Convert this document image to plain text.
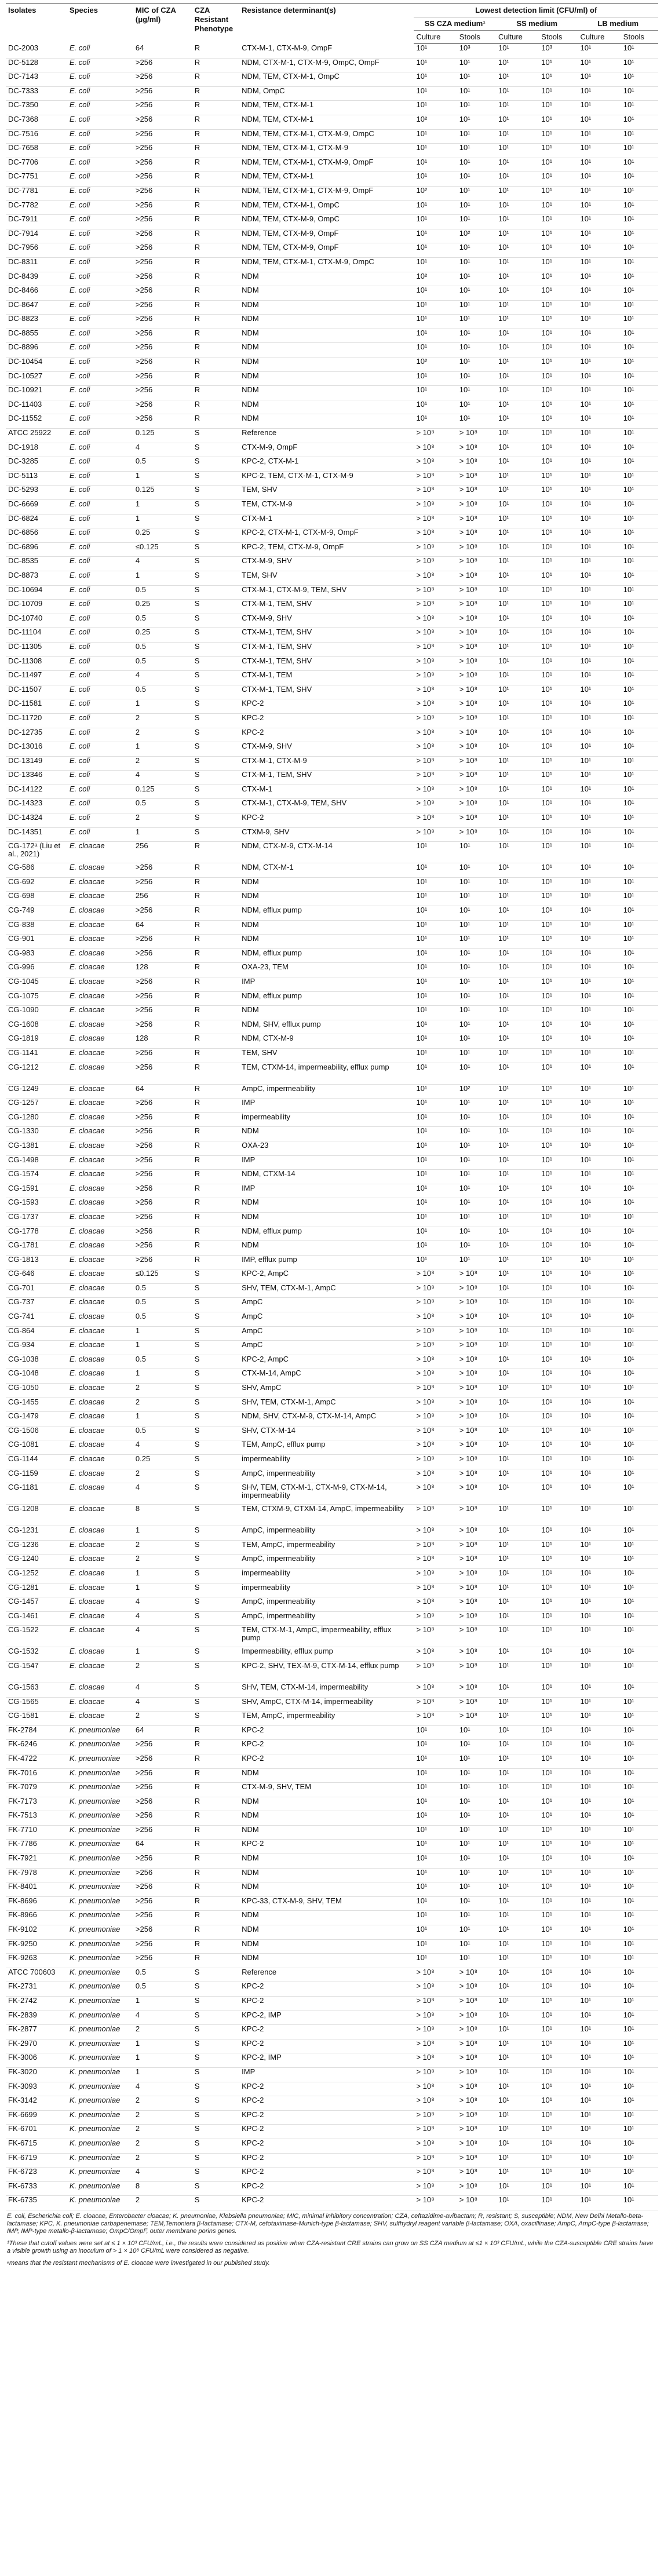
Isolates	Species	MIC of CZA (μg/ml)	CZA Resistant Phenotype	Resistance determinant(s)	Lowest detection limit (CFU/ml) of					
					SS CZA medium¹		SS medium		LB medium	
					Culture	Stools	Culture	Stools	Culture	Stools
DC-2003	E. coli	64	R	CTX-M-1, CTX-M-9, OmpF	10¹	10³	10¹	10³	10¹	10¹
DC-5128	E. coli	>256	R	NDM, CTX-M-1, CTX-M-9, OmpC, OmpF	10¹	10¹	10¹	10¹	10¹	10¹
DC-7143	E. coli	>256	R	NDM, TEM, CTX-M-1, OmpC	10¹	10¹	10¹	10¹	10¹	10¹
DC-7333	E. coli	>256	R	NDM, OmpC	10¹	10¹	10¹	10¹	10¹	10¹
DC-7350	E. coli	>256	R	NDM, TEM, CTX-M-1	10¹	10¹	10¹	10¹	10¹	10¹
DC-7368	E. coli	>256	R	NDM, TEM, CTX-M-1	10²	10¹	10¹	10¹	10¹	10¹
DC-7516	E. coli	>256	R	NDM, TEM, CTX-M-1, CTX-M-9, OmpC	10¹	10¹	10¹	10¹	10¹	10¹
DC-7658	E. coli	>256	R	NDM, TEM, CTX-M-1, CTX-M-9	10¹	10¹	10¹	10¹	10¹	10¹
DC-7706	E. coli	>256	R	NDM, TEM, CTX-M-1, CTX-M-9, OmpF	10¹	10¹	10¹	10¹	10¹	10¹
DC-7751	E. coli	>256	R	NDM, TEM, CTX-M-1	10¹	10¹	10¹	10¹	10¹	10¹
DC-7781	E. coli	>256	R	NDM, TEM, CTX-M-1, CTX-M-9, OmpF	10²	10¹	10¹	10¹	10¹	10¹
DC-7782	E. coli	>256	R	NDM, TEM, CTX-M-1, OmpC	10¹	10¹	10¹	10¹	10¹	10¹
DC-7911	E. coli	>256	R	NDM, TEM, CTX-M-9, OmpC	10¹	10¹	10¹	10¹	10¹	10¹
DC-7914	E. coli	>256	R	NDM, TEM, CTX-M-9, OmpF	10¹	10²	10¹	10¹	10¹	10¹
DC-7956	E. coli	>256	R	NDM, TEM, CTX-M-9, OmpF	10¹	10¹	10¹	10¹	10¹	10¹
DC-8311	E. coli	>256	R	NDM, TEM, CTX-M-1, CTX-M-9, OmpC	10¹	10¹	10¹	10¹	10¹	10¹
DC-8439	E. coli	>256	R	NDM	10²	10¹	10¹	10¹	10¹	10¹
DC-8466	E. coli	>256	R	NDM	10¹	10¹	10¹	10¹	10¹	10¹
DC-8647	E. coli	>256	R	NDM	10¹	10¹	10¹	10¹	10¹	10¹
DC-8823	E. coli	>256	R	NDM	10¹	10¹	10¹	10¹	10¹	10¹
DC-8855	E. coli	>256	R	NDM	10¹	10¹	10¹	10¹	10¹	10¹
DC-8896	E. coli	>256	R	NDM	10¹	10¹	10¹	10¹	10¹	10¹
DC-10454	E. coli	>256	R	NDM	10²	10¹	10¹	10¹	10¹	10¹
DC-10527	E. coli	>256	R	NDM	10¹	10¹	10¹	10¹	10¹	10¹
DC-10921	E. coli	>256	R	NDM	10¹	10¹	10¹	10¹	10¹	10¹
DC-11403	E. coli	>256	R	NDM	10¹	10¹	10¹	10¹	10¹	10¹
DC-11552	E. coli	>256	R	NDM	10¹	10¹	10¹	10¹	10¹	10¹
ATCC 25922	E. coli	0.125	S	Reference	> 10⁸	> 10⁸	10¹	10¹	10¹	10¹
DC-1918	E. coli	4	S	CTX-M-9, OmpF	> 10⁸	> 10⁸	10¹	10¹	10¹	10¹
DC-3285	E. coli	0.5	S	KPC-2, CTX-M-1	> 10⁸	> 10⁸	10¹	10¹	10¹	10¹
DC-5113	E. coli	1	S	KPC-2, TEM, CTX-M-1, CTX-M-9	> 10⁸	> 10⁸	10¹	10¹	10¹	10¹
DC-5293	E. coli	0.125	S	TEM, SHV	> 10⁸	> 10⁸	10¹	10¹	10¹	10¹
DC-6669	E. coli	1	S	TEM, CTX-M-9	> 10⁸	> 10⁸	10¹	10¹	10¹	10¹
DC-6824	E. coli	1	S	CTX-M-1	> 10⁸	> 10⁸	10¹	10¹	10¹	10¹
DC-6856	E. coli	0.25	S	KPC-2, CTX-M-1, CTX-M-9, OmpF	> 10⁸	> 10⁸	10¹	10¹	10¹	10¹
DC-6896	E. coli	≤0.125	S	KPC-2, TEM, CTX-M-9, OmpF	> 10⁸	> 10⁸	10¹	10¹	10¹	10¹
DC-8535	E. coli	4	S	CTX-M-9, SHV	> 10⁸	> 10⁸	10¹	10¹	10¹	10¹
DC-8873	E. coli	1	S	TEM, SHV	> 10⁸	> 10⁸	10¹	10¹	10¹	10¹
DC-10694	E. coli	0.5	S	CTX-M-1, CTX-M-9, TEM, SHV	> 10⁸	> 10⁸	10¹	10¹	10¹	10¹
DC-10709	E. coli	0.25	S	CTX-M-1, TEM, SHV	> 10⁸	> 10⁸	10¹	10¹	10¹	10¹
DC-10740	E. coli	0.5	S	CTX-M-9, SHV	> 10⁸	> 10⁸	10¹	10¹	10¹	10¹
DC-11104	E. coli	0.25	S	CTX-M-1, TEM, SHV	> 10⁸	> 10⁸	10¹	10¹	10¹	10¹
DC-11305	E. coli	0.5	S	CTX-M-1, TEM, SHV	> 10⁸	> 10⁸	10¹	10¹	10¹	10¹
DC-11308	E. coli	0.5	S	CTX-M-1, TEM, SHV	> 10⁸	> 10⁸	10¹	10¹	10¹	10¹
DC-11497	E. coli	4	S	CTX-M-1, TEM	> 10⁸	> 10⁸	10¹	10¹	10¹	10¹
DC-11507	E. coli	0.5	S	CTX-M-1, TEM, SHV	> 10⁸	> 10⁸	10¹	10¹	10¹	10¹
DC-11581	E. coli	1	S	KPC-2	> 10⁸	> 10⁸	10¹	10¹	10¹	10¹
DC-11720	E. coli	2	S	KPC-2	> 10⁸	> 10⁸	10¹	10¹	10¹	10¹
DC-12735	E. coli	2	S	KPC-2	> 10⁸	> 10⁸	10¹	10¹	10¹	10¹
DC-13016	E. coli	1	S	CTX-M-9, SHV	> 10⁸	> 10⁸	10¹	10¹	10¹	10¹
DC-13149	E. coli	2	S	CTX-M-1, CTX-M-9	> 10⁸	> 10⁸	10¹	10¹	10¹	10¹
DC-13346	E. coli	4	S	CTX-M-1, TEM, SHV	> 10⁸	> 10⁸	10¹	10¹	10¹	10¹
DC-14122	E. coli	0.125	S	CTX-M-1	> 10⁸	> 10⁸	10¹	10¹	10¹	10¹
DC-14323	E. coli	0.5	S	CTX-M-1, CTX-M-9, TEM, SHV	> 10⁸	> 10⁸	10¹	10¹	10¹	10¹
DC-14324	E. coli	2	S	KPC-2	> 10⁸	> 10⁸	10¹	10¹	10¹	10¹
DC-14351	E. coli	1	S	CTXM-9, SHV	> 10⁸	> 10⁸	10¹	10¹	10¹	10¹
CG-172ᵃ (Liu et al., 2021)	E. cloacae	256	R	NDM, CTX-M-9, CTX-M-14	10¹	10¹	10¹	10¹	10¹	10¹
CG-586	E. cloacae	>256	R	NDM, CTX-M-1	10¹	10¹	10¹	10¹	10¹	10¹
CG-692	E. cloacae	>256	R	NDM	10¹	10¹	10¹	10¹	10¹	10¹
CG-698	E. cloacae	256	R	NDM	10¹	10¹	10¹	10¹	10¹	10¹
CG-749	E. cloacae	>256	R	NDM, efflux pump	10¹	10¹	10¹	10¹	10¹	10¹
CG-838	E. cloacae	64	R	NDM	10¹	10¹	10¹	10¹	10¹	10¹
CG-901	E. cloacae	>256	R	NDM	10¹	10¹	10¹	10¹	10¹	10¹
CG-983	E. cloacae	>256	R	NDM, efflux pump	10¹	10¹	10¹	10¹	10¹	10¹
CG-996	E. cloacae	128	R	OXA-23, TEM	10¹	10¹	10¹	10¹	10¹	10¹
CG-1045	E. cloacae	>256	R	IMP	10¹	10¹	10¹	10¹	10¹	10¹
CG-1075	E. cloacae	>256	R	NDM, efflux pump	10¹	10¹	10¹	10¹	10¹	10¹
CG-1090	E. cloacae	>256	R	NDM	10¹	10¹	10¹	10¹	10¹	10¹
CG-1608	E. cloacae	>256	R	NDM, SHV, efflux pump	10¹	10¹	10¹	10¹	10¹	10¹
CG-1819	E. cloacae	128	R	NDM, CTX-M-9	10¹	10¹	10¹	10¹	10¹	10¹
CG-1141	E. cloacae	>256	R	TEM, SHV	10¹	10¹	10¹	10¹	10¹	10¹
CG-1212	E. cloacae	>256	R	TEM, CTXM-14, impermeability, efflux pump	10¹	10¹	10¹	10¹	10¹	10¹
CG-1249	E. cloacae	64	R	AmpC, impermeability	10¹	10²	10¹	10¹	10¹	10¹
CG-1257	E. cloacae	>256	R	IMP	10¹	10¹	10¹	10¹	10¹	10¹
CG-1280	E. cloacae	>256	R	impermeability	10¹	10¹	10¹	10¹	10¹	10¹
CG-1330	E. cloacae	>256	R	NDM	10¹	10¹	10¹	10¹	10¹	10¹
CG-1381	E. cloacae	>256	R	OXA-23	10¹	10¹	10¹	10¹	10¹	10¹
CG-1498	E. cloacae	>256	R	IMP	10¹	10¹	10¹	10¹	10¹	10¹
CG-1574	E. cloacae	>256	R	NDM, CTXM-14	10¹	10¹	10¹	10¹	10¹	10¹
CG-1591	E. cloacae	>256	R	IMP	10¹	10¹	10¹	10¹	10¹	10¹
CG-1593	E. cloacae	>256	R	NDM	10¹	10¹	10¹	10¹	10¹	10¹
CG-1737	E. cloacae	>256	R	NDM	10¹	10¹	10¹	10¹	10¹	10¹
CG-1778	E. cloacae	>256	R	NDM, efflux pump	10¹	10¹	10¹	10¹	10¹	10¹
CG-1781	E. cloacae	>256	R	NDM	10¹	10¹	10¹	10¹	10¹	10¹
CG-1813	E. cloacae	>256	R	IMP, efflux pump	10¹	10¹	10¹	10¹	10¹	10¹
CG-646	E. cloacae	≤0.125	S	KPC-2, AmpC	> 10⁸	> 10⁸	10¹	10¹	10¹	10¹
CG-701	E. cloacae	0.5	S	SHV, TEM, CTX-M-1, AmpC	> 10⁸	> 10⁸	10¹	10¹	10¹	10¹
CG-737	E. cloacae	0.5	S	AmpC	> 10⁸	> 10⁸	10¹	10¹	10¹	10¹
CG-741	E. cloacae	0.5	S	AmpC	> 10⁸	> 10⁸	10¹	10¹	10¹	10¹
CG-864	E. cloacae	1	S	AmpC	> 10⁸	> 10⁸	10¹	10¹	10¹	10¹
CG-934	E. cloacae	1	S	AmpC	> 10⁸	> 10⁸	10¹	10¹	10¹	10¹
CG-1038	E. cloacae	0.5	S	KPC-2, AmpC	> 10⁸	> 10⁸	10¹	10¹	10¹	10¹
CG-1048	E. cloacae	1	S	CTX-M-14, AmpC	> 10⁸	> 10⁸	10¹	10¹	10¹	10¹
CG-1050	E. cloacae	2	S	SHV, AmpC	> 10⁸	> 10⁸	10¹	10¹	10¹	10¹
CG-1455	E. cloacae	2	S	SHV, TEM, CTX-M-1, AmpC	> 10⁸	> 10⁸	10¹	10¹	10¹	10¹
CG-1479	E. cloacae	1	S	NDM, SHV, CTX-M-9, CTX-M-14, AmpC	> 10⁸	> 10⁸	10¹	10¹	10¹	10¹
CG-1506	E. cloacae	0.5	S	SHV, CTX-M-14	> 10⁸	> 10⁸	10¹	10¹	10¹	10¹
CG-1081	E. cloacae	4	S	TEM, AmpC, efflux pump	> 10⁸	> 10⁸	10¹	10¹	10¹	10¹
CG-1144	E. cloacae	0.25	S	impermeability	> 10⁸	> 10⁸	10¹	10¹	10¹	10¹
CG-1159	E. cloacae	2	S	AmpC, impermeability	> 10⁸	> 10⁸	10¹	10¹	10¹	10¹
CG-1181	E. cloacae	4	S	SHV, TEM, CTX-M-1, CTX-M-9, CTX-M-14, impermeability	> 10⁸	> 10⁸	10¹	10¹	10¹	10¹
CG-1208	E. cloacae	8	S	TEM, CTXM-9, CTXM-14, AmpC, impermeability	> 10⁸	> 10⁸	10¹	10¹	10¹	10¹
CG-1231	E. cloacae	1	S	AmpC, impermeability	> 10⁸	> 10⁸	10¹	10¹	10¹	10¹
CG-1236	E. cloacae	2	S	TEM, AmpC, impermeability	> 10⁸	> 10⁸	10¹	10¹	10¹	10¹
CG-1240	E. cloacae	2	S	AmpC, impermeability	> 10⁸	> 10⁸	10¹	10¹	10¹	10¹
CG-1252	E. cloacae	1	S	impermeability	> 10⁸	> 10⁸	10¹	10¹	10¹	10¹
CG-1281	E. cloacae	1	S	impermeability	> 10⁸	> 10⁸	10¹	10¹	10¹	10¹
CG-1457	E. cloacae	4	S	AmpC, impermeability	> 10⁸	> 10⁸	10¹	10¹	10¹	10¹
CG-1461	E. cloacae	4	S	AmpC, impermeability	> 10⁸	> 10⁸	10¹	10¹	10¹	10¹
CG-1522	E. cloacae	4	S	TEM, CTX-M-1, AmpC, impermeability, efflux pump	> 10⁸	> 10⁸	10¹	10¹	10¹	10¹
CG-1532	E. cloacae	1	S	Impermeability, efflux pump	> 10⁸	> 10⁸	10¹	10¹	10¹	10¹
CG-1547	E. cloacae	2	S	KPC-2, SHV, TEX-M-9, CTX-M-14, efflux pump	> 10⁸	> 10⁸	10¹	10¹	10¹	10¹
CG-1563	E. cloacae	4	S	SHV, TEM, CTX-M-14, impermeability	> 10⁸	> 10⁸	10¹	10¹	10¹	10¹
CG-1565	E. cloacae	4	S	SHV, AmpC, CTX-M-14, impermeability	> 10⁸	> 10⁸	10¹	10¹	10¹	10¹
CG-1581	E. cloacae	2	S	TEM, AmpC, impermeability	> 10⁸	> 10⁸	10¹	10¹	10¹	10¹
FK-2784	K. pneumoniae	64	R	KPC-2	10¹	10¹	10¹	10¹	10¹	10¹
FK-6246	K. pneumoniae	>256	R	KPC-2	10¹	10¹	10¹	10¹	10¹	10¹
FK-4722	K. pneumoniae	>256	R	KPC-2	10¹	10¹	10¹	10¹	10¹	10¹
FK-7016	K. pneumoniae	>256	R	NDM	10¹	10¹	10¹	10¹	10¹	10¹
FK-7079	K. pneumoniae	>256	R	CTX-M-9, SHV, TEM	10¹	10¹	10¹	10¹	10¹	10¹
FK-7173	K. pneumoniae	>256	R	NDM	10¹	10¹	10¹	10¹	10¹	10¹
FK-7513	K. pneumoniae	>256	R	NDM	10¹	10¹	10¹	10¹	10¹	10¹
FK-7710	K. pneumoniae	>256	R	NDM	10¹	10¹	10¹	10¹	10¹	10¹
FK-7786	K. pneumoniae	64	R	KPC-2	10¹	10¹	10¹	10¹	10¹	10¹
FK-7921	K. pneumoniae	>256	R	NDM	10¹	10¹	10¹	10¹	10¹	10¹
FK-7978	K. pneumoniae	>256	R	NDM	10¹	10¹	10¹	10¹	10¹	10¹
FK-8401	K. pneumoniae	>256	R	NDM	10¹	10¹	10¹	10¹	10¹	10¹
FK-8696	K. pneumoniae	>256	R	KPC-33, CTX-M-9, SHV, TEM	10¹	10¹	10¹	10¹	10¹	10¹
FK-8966	K. pneumoniae	>256	R	NDM	10¹	10¹	10¹	10¹	10¹	10¹
FK-9102	K. pneumoniae	>256	R	NDM	10¹	10¹	10¹	10¹	10¹	10¹
FK-9250	K. pneumoniae	>256	R	NDM	10¹	10¹	10¹	10¹	10¹	10¹
FK-9263	K. pneumoniae	>256	R	NDM	10¹	10¹	10¹	10¹	10¹	10¹
ATCC 700603	K. pneumoniae	0.5	S	Reference	> 10⁸	> 10⁸	10¹	10¹	10¹	10¹
FK-2731	K. pneumoniae	0.5	S	KPC-2	> 10⁸	> 10⁸	10¹	10¹	10¹	10¹
FK-2742	K. pneumoniae	1	S	KPC-2	> 10⁸	> 10⁸	10¹	10¹	10¹	10¹
FK-2839	K. pneumoniae	4	S	KPC-2, IMP	> 10⁸	> 10⁸	10¹	10¹	10¹	10¹
FK-2877	K. pneumoniae	2	S	KPC-2	> 10⁸	> 10⁸	10¹	10¹	10¹	10¹
FK-2970	K. pneumoniae	1	S	KPC-2	> 10⁸	> 10⁸	10¹	10¹	10¹	10¹
FK-3006	K. pneumoniae	1	S	KPC-2, IMP	> 10⁸	> 10⁸	10¹	10¹	10¹	10¹
FK-3020	K. pneumoniae	1	S	IMP	> 10⁸	> 10⁸	10¹	10¹	10¹	10¹
FK-3093	K. pneumoniae	4	S	KPC-2	> 10⁸	> 10⁸	10¹	10¹	10¹	10¹
FK-3142	K. pneumoniae	2	S	KPC-2	> 10⁸	> 10⁸	10¹	10¹	10¹	10¹
FK-6699	K. pneumoniae	2	S	KPC-2	> 10⁸	> 10⁸	10¹	10¹	10¹	10¹
FK-6701	K. pneumoniae	2	S	KPC-2	> 10⁸	> 10⁸	10¹	10¹	10¹	10¹
FK-6715	K. pneumoniae	2	S	KPC-2	> 10⁸	> 10⁸	10¹	10¹	10¹	10¹
FK-6719	K. pneumoniae	2	S	KPC-2	> 10⁸	> 10⁸	10¹	10¹	10¹	10¹
FK-6723	K. pneumoniae	4	S	KPC-2	> 10⁸	> 10⁸	10¹	10¹	10¹	10¹
FK-6733	K. pneumoniae	8	S	KPC-2	> 10⁸	> 10⁸	10¹	10¹	10¹	10¹
FK-6735	K. pneumoniae	2	S	KPC-2	> 10⁸	> 10⁸	10¹	10¹	10¹	10¹
E. coli, Escherichia coli; E. cloacae, Enterobacter cloacae; K. pneumoniae, Klebsiella pneumoniae; MIC, minimal inhibitory concentration; CZA, ceftazidime-avibactam; R, resistant; S, susceptible; NDM, New Delhi Metallo-beta-lactamase; KPC, K. pneumoniae carbapenemase; TEM,Temoniera β-lactamase; CTX-M, cefotaximase-Munich-type β-lactamase; SHV, sulfhydryl reagent variable β-lactamase; OXA, oxacillinase; AmpC, AmpC-type β-lactamase; IMP, IMP-type metallo-β-lactamase; OmpC/OmpF, outer membrane porins genes.
¹These that cutoff values were set at ≤ 1 × 10³ CFU/mL, i.e., the results were considered as positive when CZA-resistant CRE strains can grow on SS CZA medium at ≤1 × 10³ CFU/mL, while the CZA-susceptible CRE strains have a visible growth using an inoculum of > 1 × 10⁸ CFU/mL were considered as negative.
ᵃmeans that the resistant mechanisms of E. cloacae were investigated in our published study.
